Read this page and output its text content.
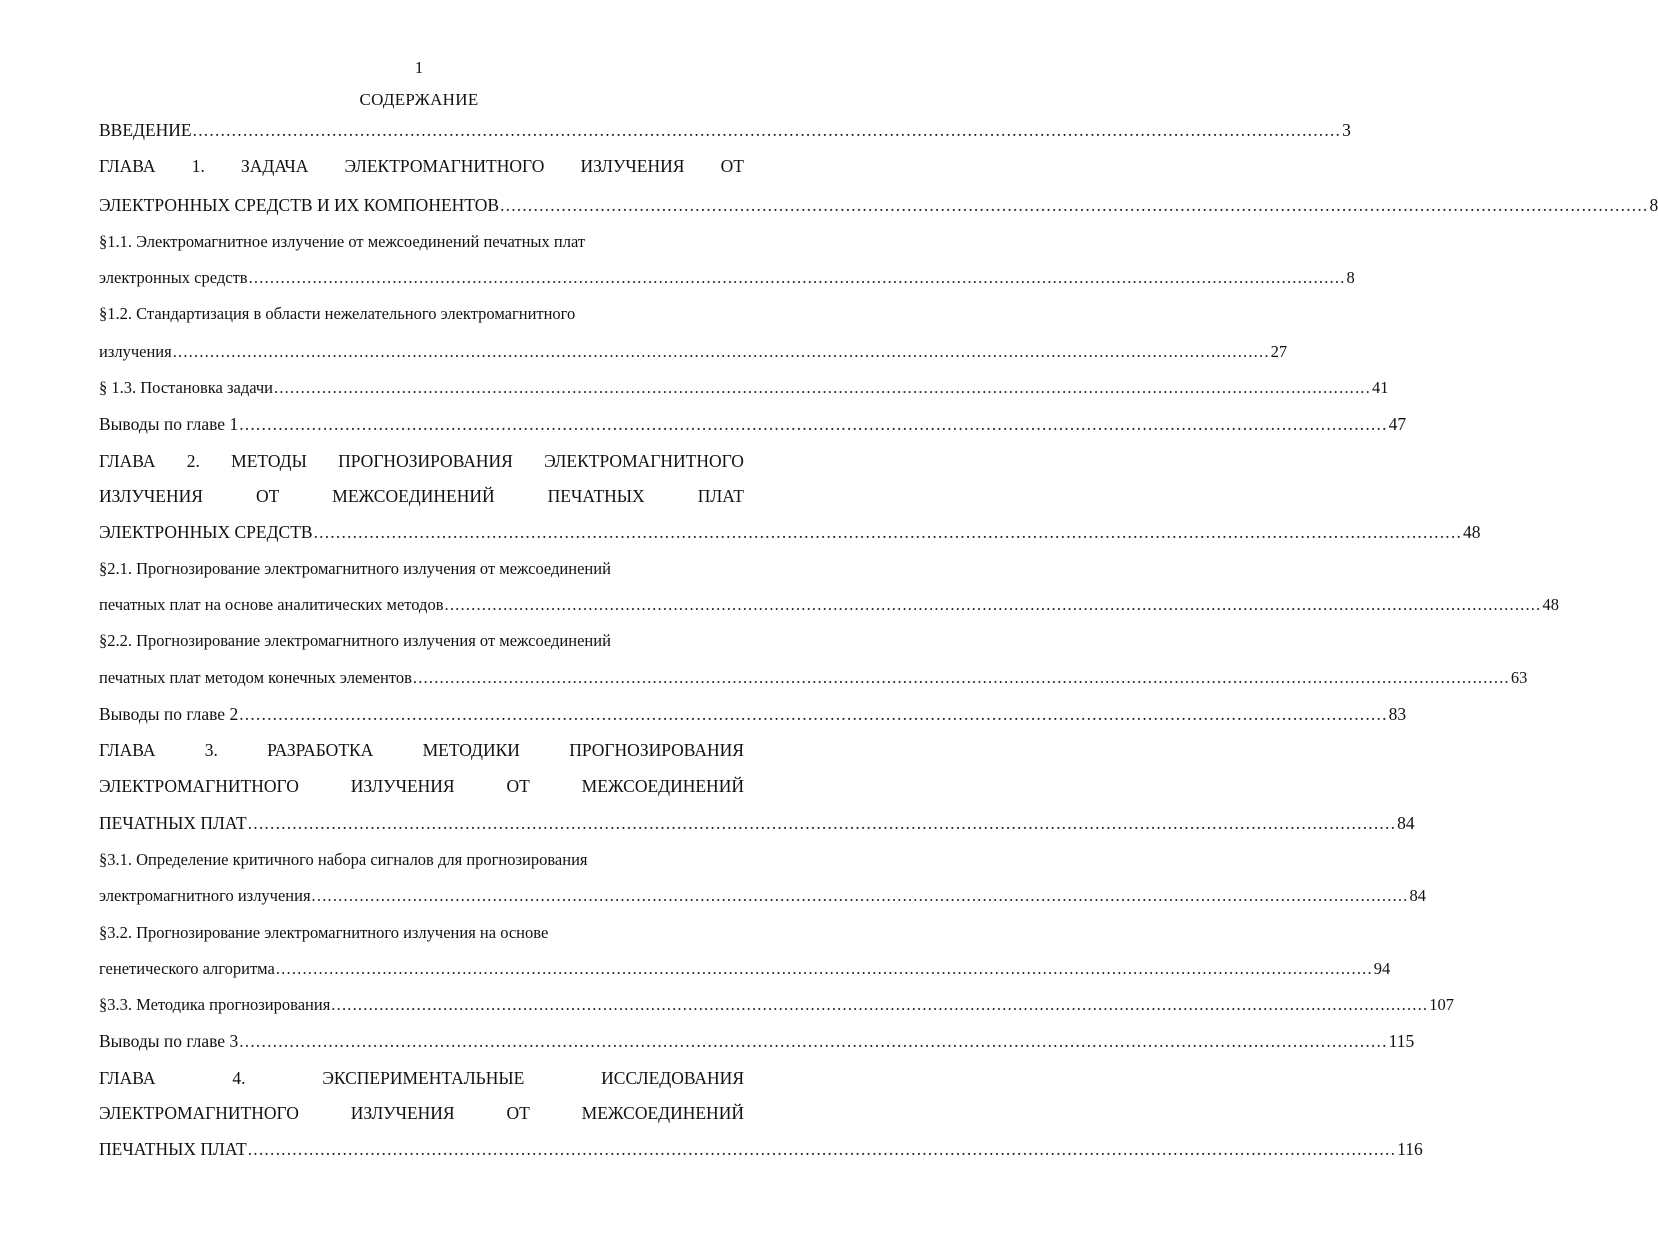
1
СОДЕРЖАНИЕ
ВВЕДЕНИЕ .............................................................................................................................................................................................................. 3
ГЛАВА 1. ЗАДАЧА ЭЛЕКТРОМАГНИТНОГО ИЗЛУЧЕНИЯ ОТ
ЭЛЕКТРОННЫХ СРЕДСТВ И ИХ КОМПОНЕНТОВ .............................................................................................................................................................................................................. 8
§1.1. Электромагнитное излучение от межсоединений печатных плат
электронных средств .............................................................................................................................................................................................................. 8
§1.2. Стандартизация в области нежелательного электромагнитного
излучения .............................................................................................................................................................................................................. 27
§ 1.3. Постановка задачи .............................................................................................................................................................................................................. 41
Выводы по главе 1 .............................................................................................................................................................................................................. 47
ГЛАВА 2. МЕТОДЫ ПРОГНОЗИРОВАНИЯ ЭЛЕКТРОМАГНИТНОГО
ИЗЛУЧЕНИЯ	ОТ	МЕЖСОЕДИНЕНИЙ	ПЕЧАТНЫХ	ПЛАТ
ЭЛЕКТРОННЫХ СРЕДСТВ .............................................................................................................................................................................................................. 48
§2.1. Прогнозирование электромагнитного излучения от межсоединений
печатных плат на основе аналитических методов .............................................................................................................................................................................................................. 48
§2.2. Прогнозирование электромагнитного излучения от межсоединений
печатных плат методом конечных элементов .............................................................................................................................................................................................................. 63
Выводы по главе 2 .............................................................................................................................................................................................................. 83
ГЛАВА	3.	РАЗРАБОТКА	МЕТОДИКИ	ПРОГНОЗИРОВАНИЯ
ЭЛЕКТРОМАГНИТНОГО	ИЗЛУЧЕНИЯ	ОТ	МЕЖСОЕДИНЕНИЙ
ПЕЧАТНЫХ ПЛАТ .............................................................................................................................................................................................................. 84
§3.1. Определение критичного набора сигналов для прогнозирования
электромагнитного излучения .............................................................................................................................................................................................................. 84
§3.2. Прогнозирование электромагнитного излучения на основе
генетического алгоритма .............................................................................................................................................................................................................. 94
§3.3. Методика прогнозирования .............................................................................................................................................................................................................. 107
Выводы по главе 3 .............................................................................................................................................................................................................. 115
ГЛАВА	4.	ЭКСПЕРИМЕНТАЛЬНЫЕ	ИССЛЕДОВАНИЯ
ЭЛЕКТРОМАГНИТНОГО	ИЗЛУЧЕНИЯ	ОТ	МЕЖСОЕДИНЕНИЙ
ПЕЧАТНЫХ ПЛАТ .............................................................................................................................................................................................................. 116
